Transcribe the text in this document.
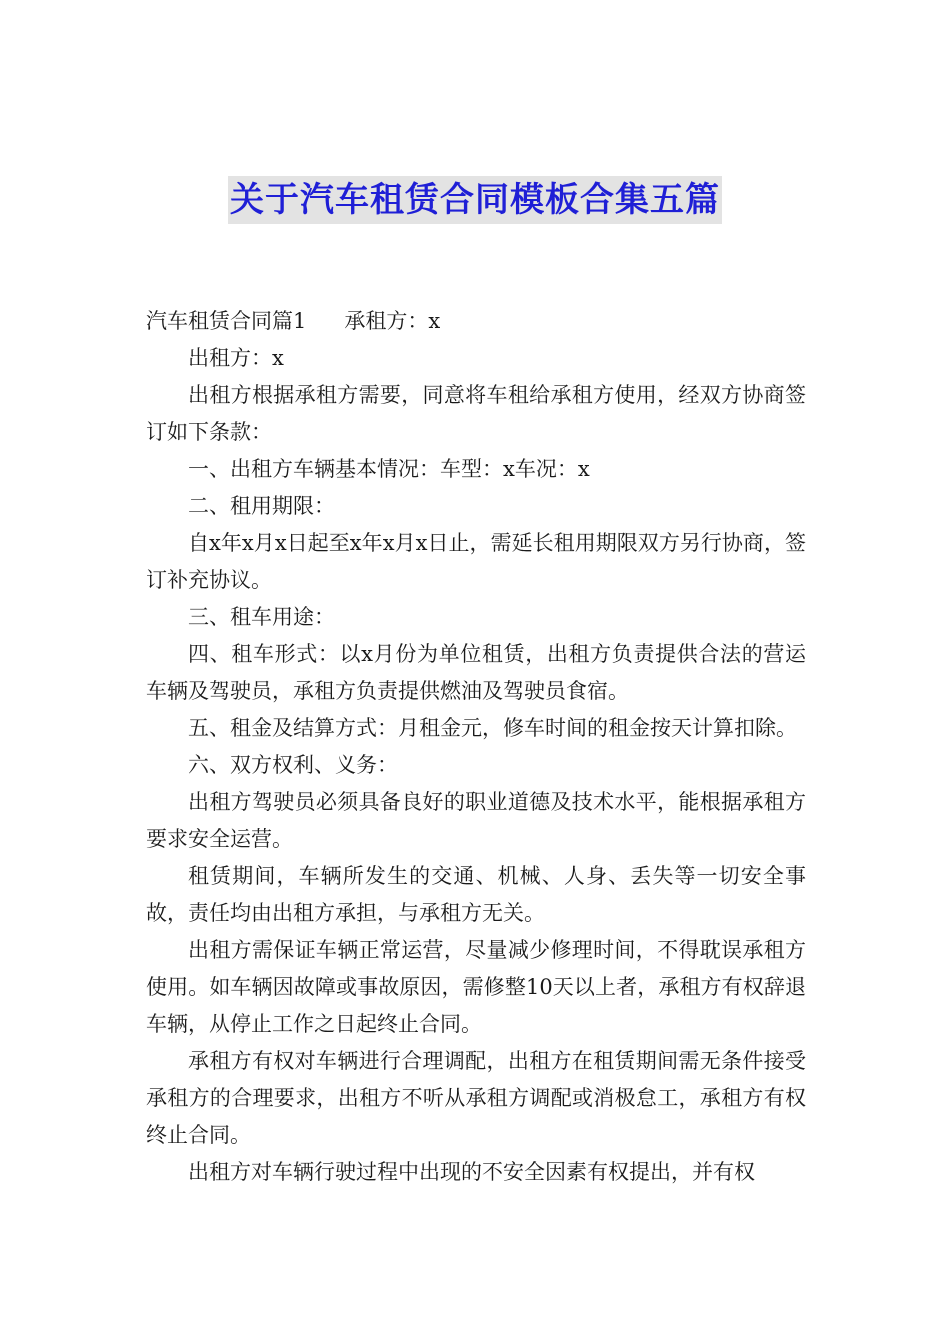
关于汽车租赁合同模板合集五篇

汽车租赁合同篇1 承租方：x

出租方：x

出租方根据承租方需要，同意将车租给承租方使用，经双方协商签订如下条款：

一、出租方车辆基本情况：车型：x车况：x

二、租用期限：

自x年x月x日起至x年x月x日止，需延长租用期限双方另行协商，签订补充协议。

三、租车用途：

四、租车形式：以x月份为单位租赁，出租方负责提供合法的营运车辆及驾驶员，承租方负责提供燃油及驾驶员食宿。

五、租金及结算方式：月租金元，修车时间的租金按天计算扣除。

六、双方权利、义务：

出租方驾驶员必须具备良好的职业道德及技术水平，能根据承租方要求安全运营。

租赁期间，车辆所发生的交通、机械、人身、丢失等一切安全事故，责任均由出租方承担，与承租方无关。

出租方需保证车辆正常运营，尽量减少修理时间，不得耽误承租方使用。如车辆因故障或事故原因，需修整10天以上者，承租方有权辞退车辆，从停止工作之日起终止合同。

承租方有权对车辆进行合理调配，出租方在租赁期间需无条件接受承租方的合理要求，出租方不听从承租方调配或消极怠工，承租方有权终止合同。

出租方对车辆行驶过程中出现的不安全因素有权提出，并有权
